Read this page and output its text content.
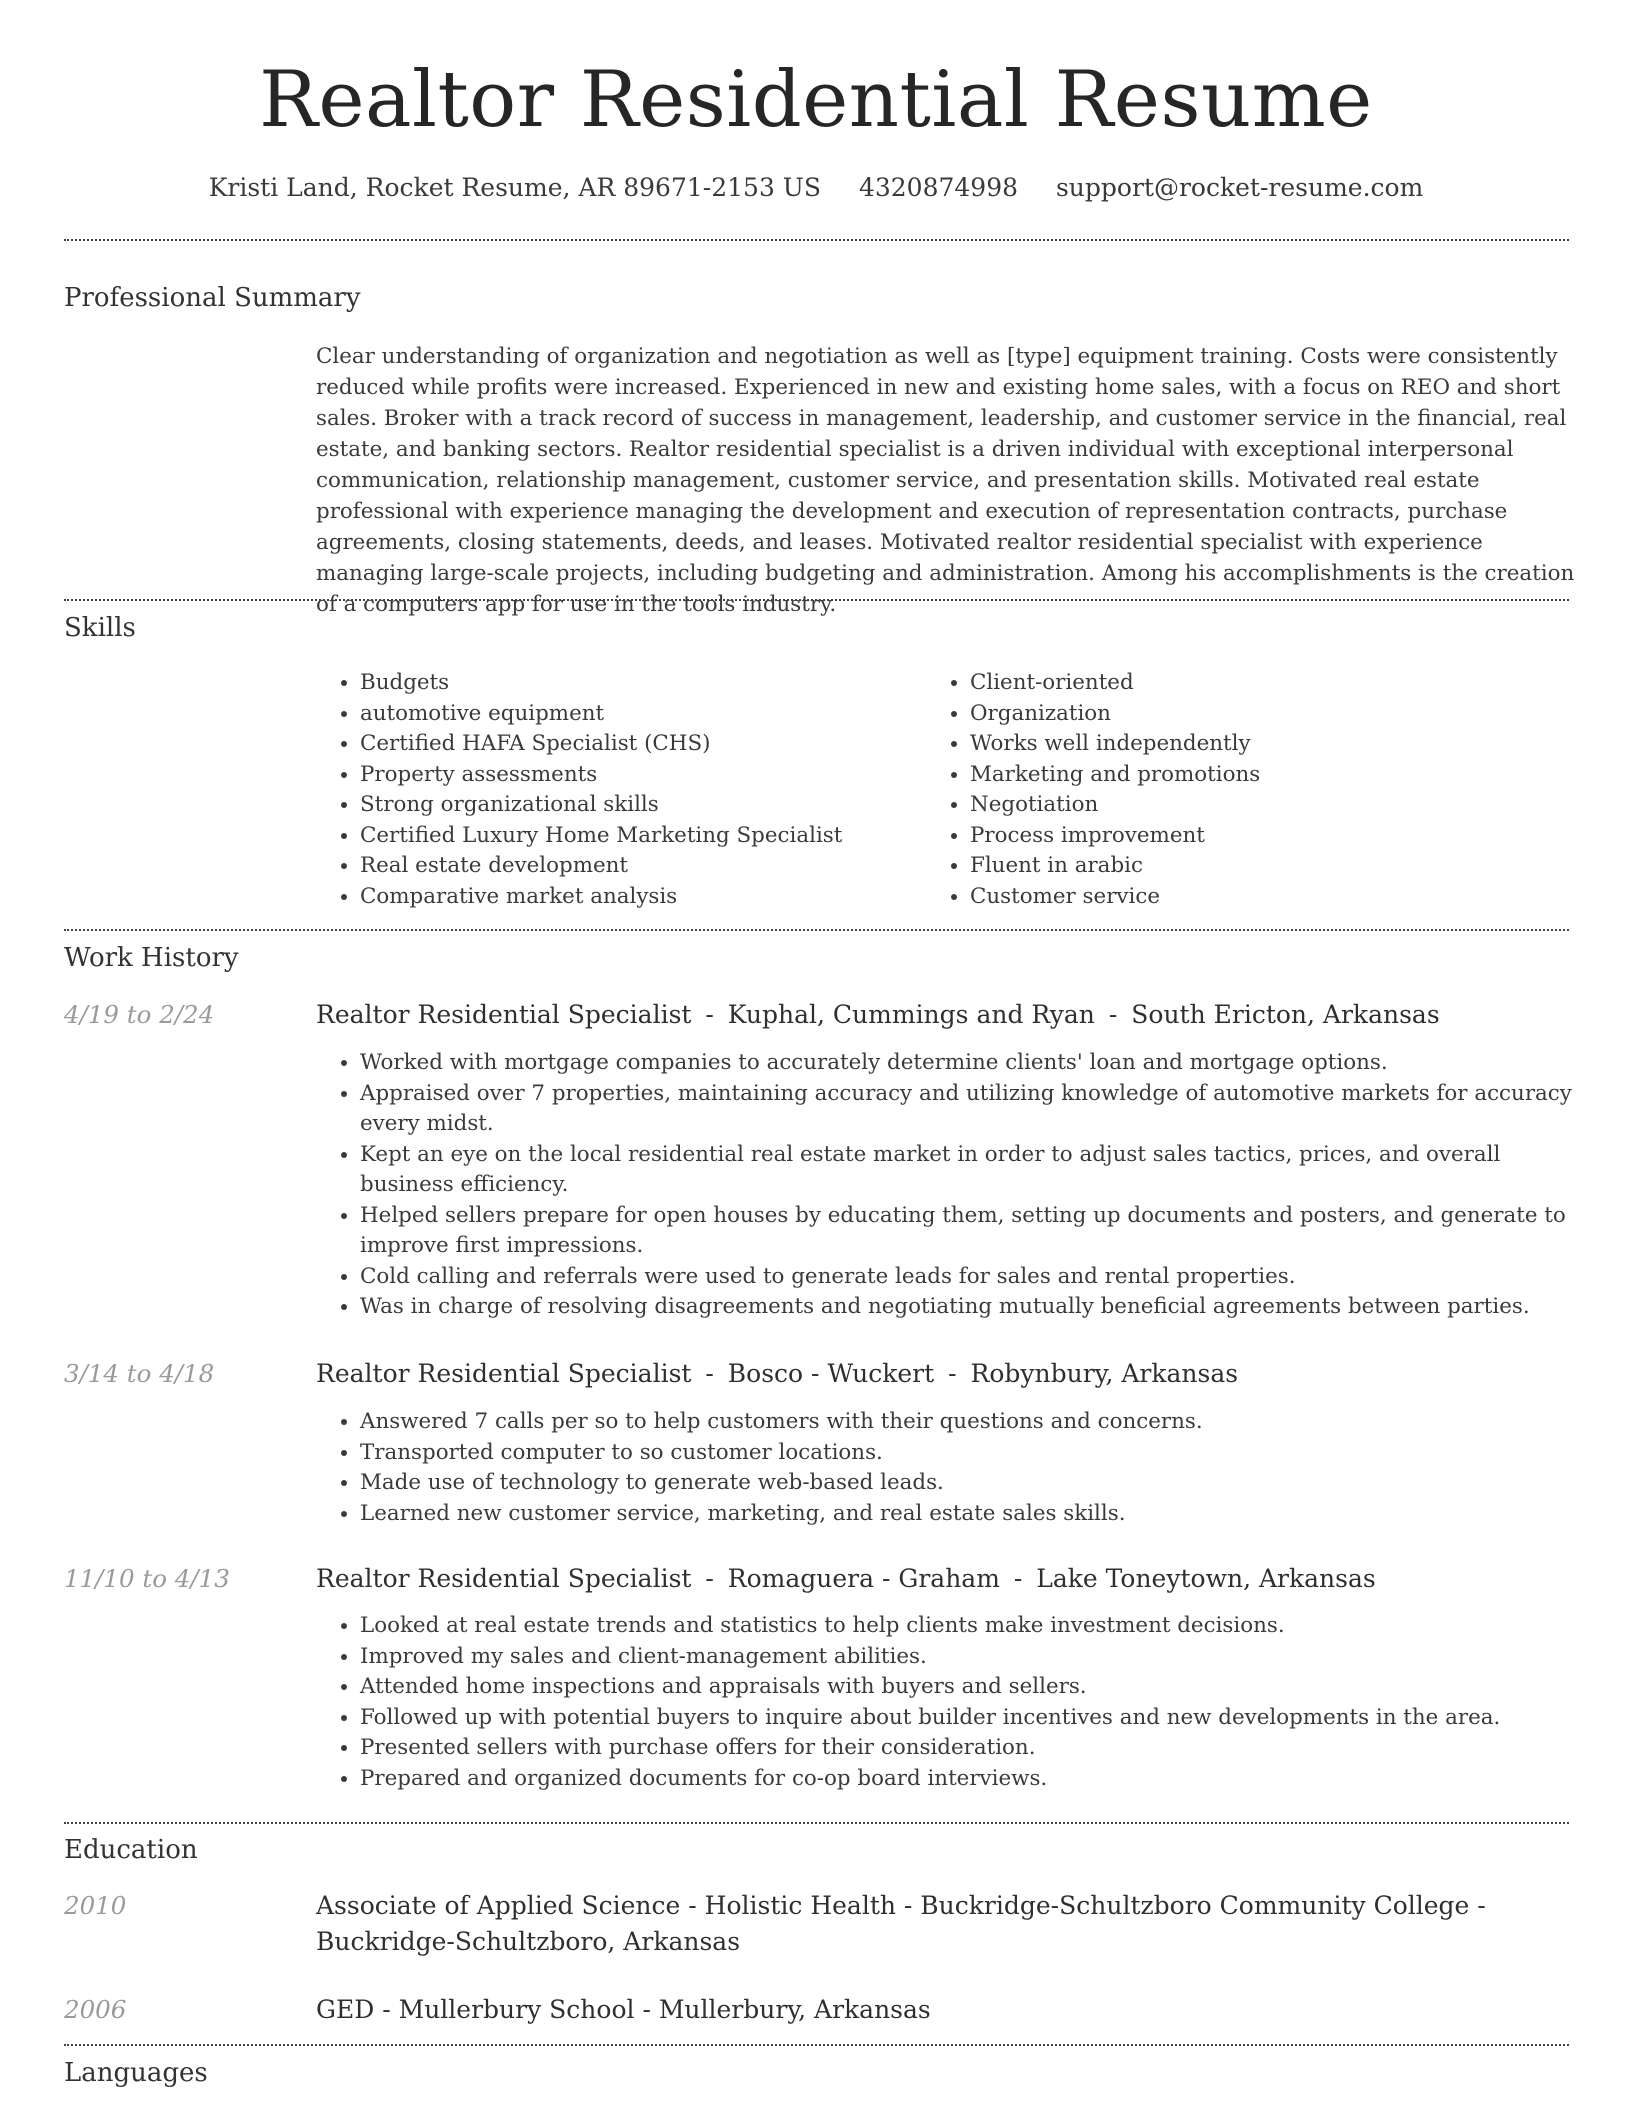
Realtor Residential Resume
Kristi Land, Rocket Resume, AR 89671-2153 US 4320874998 support@rocket-resume.com
Professional Summary

Clear understanding of organization and negotiation as well as [type] equipment training. Costs were consistently reduced while profits were increased. Experienced in new and existing home sales, with a focus on REO and short sales. Broker with a track record of success in management, leadership, and customer service in the financial, real estate, and banking sectors. Realtor residential specialist is a driven individual with exceptional interpersonal communication, relationship management, customer service, and presentation skills. Motivated real estate professional with experience managing the development and execution of representation contracts, purchase agreements, closing statements, deeds, and leases. Motivated realtor residential specialist with experience managing large-scale projects, including budgeting and administration. Among his accomplishments is the creation of a computers app for use in the tools industry.

Skills
• Budgets
• automotive equipment
• Certified HAFA Specialist (CHS)
• Property assessments
• Strong organizational skills
• Certified Luxury Home Marketing Specialist
• Real estate development
• Comparative market analysis
• Client-oriented
• Organization
• Works well independently
• Marketing and promotions
• Negotiation
• Process improvement
• Fluent in arabic
• Customer service
Work History
4/19 to 2/24	Realtor Residential Specialist - Kuphal, Cummings and Ryan - South Ericton, Arkansas
• Worked with mortgage companies to accurately determine clients' loan and mortgage options.
• Appraised over 7 properties, maintaining accuracy and utilizing knowledge of automotive markets for accuracy every midst.
• Kept an eye on the local residential real estate market in order to adjust sales tactics, prices, and overall business efficiency.
• Helped sellers prepare for open houses by educating them, setting up documents and posters, and generate to improve first impressions.
• Cold calling and referrals were used to generate leads for sales and rental properties.
• Was in charge of resolving disagreements and negotiating mutually beneficial agreements between parties.
3/14 to 4/18	Realtor Residential Specialist - Bosco - Wuckert - Robynbury, Arkansas
• Answered 7 calls per so to help customers with their questions and concerns.
• Transported computer to so customer locations.
• Made use of technology to generate web-based leads.
• Learned new customer service, marketing, and real estate sales skills.
11/10 to 4/13	Realtor Residential Specialist - Romaguera - Graham - Lake Toneytown, Arkansas
• Looked at real estate trends and statistics to help clients make investment decisions.
• Improved my sales and client-management abilities.
• Attended home inspections and appraisals with buyers and sellers.
• Followed up with potential buyers to inquire about builder incentives and new developments in the area.
• Presented sellers with purchase offers for their consideration.
• Prepared and organized documents for co-op board interviews.
Education
2010	Associate of Applied Science - Holistic Health - Buckridge-Schultzboro Community College - Buckridge-Schultzboro, Arkansas
2006	GED - Mullerbury School - Mullerbury, Arkansas
Languages
